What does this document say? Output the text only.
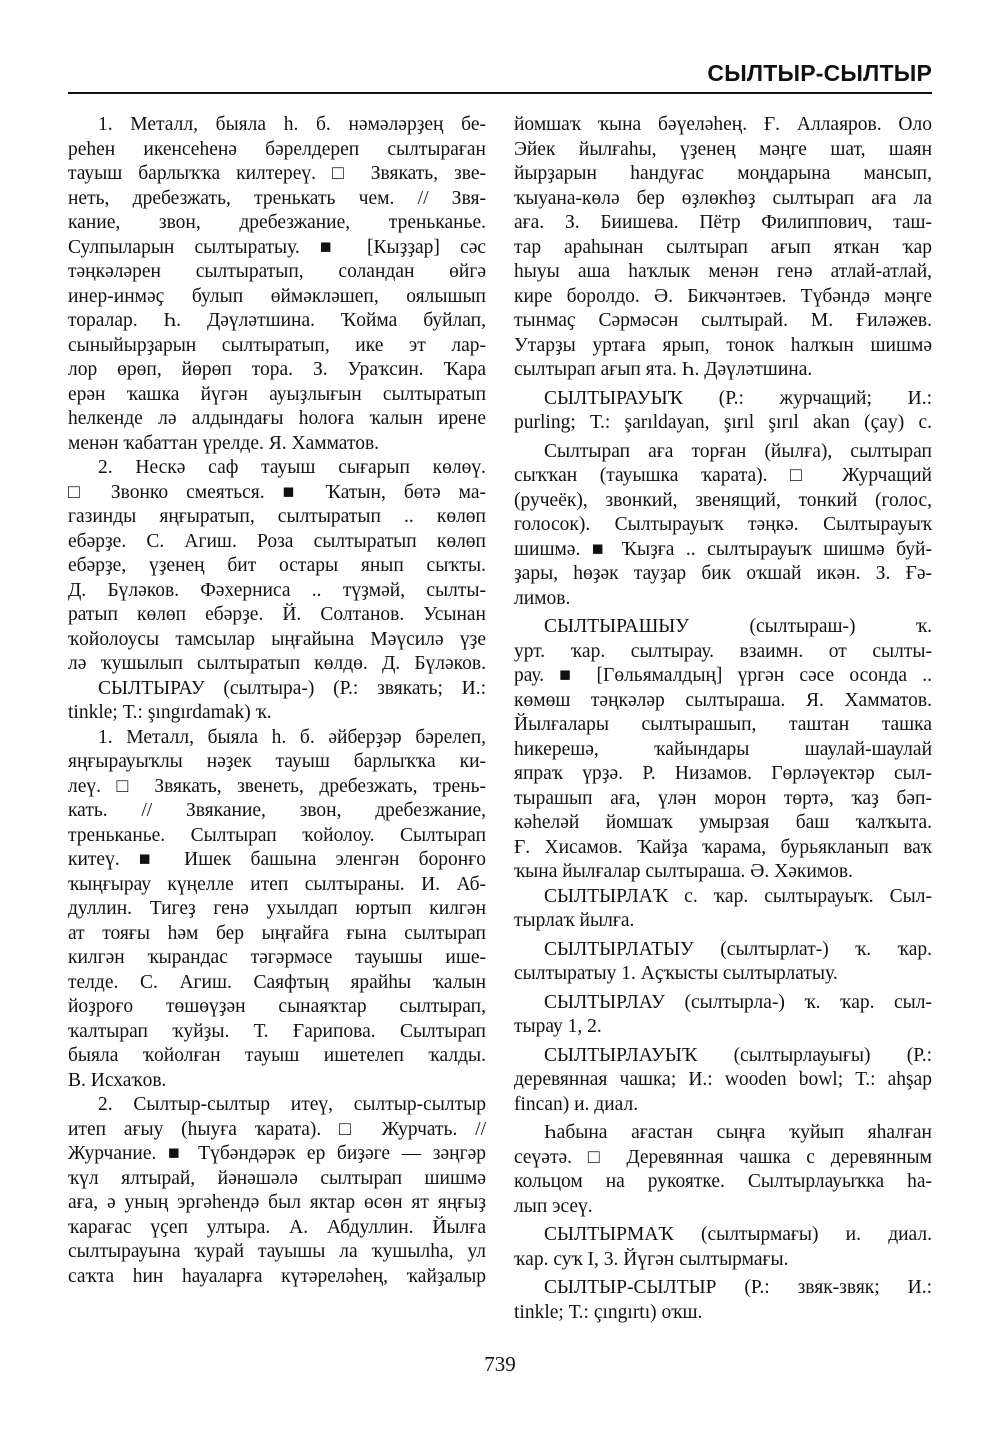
СЫЛТЫР-СЫЛТЫР
1. Металл, быяла һ. б. нәмәләрҙең бе-
рeһeн икенсеһенә бәрелдереп сылтыраған
тауыш барлыҡҡа килтереү. □ Звякать, зве-
неть, дребезжать, тренькать чем. // Звя-
кание, звон, дребезжание, треньканье.
Сулпыларын сылтыратыу. ■ [Кыҙҙар] сәс
тәңкәләрен сылтыратып, соландан өйгә
инер-инмәҫ булып өймәкләшеп, оялышып
торалар. Һ. Дәүләтшина. Ҡойма буйлап,
сыныйырҙарын сылтыратып, ике эт лар-
лор өрөп, йөрөп тора. З. Ураҡсин. Ҡара
ерән ҡашка йүгән ауыҙлығын сылтыратып
һелкенде лә алдындағы һолоға ҡалын ирене
менән ҡабаттан үрелде. Я. Хамматов.
2. Нескә саф тауыш сығарып көлөү.
□ Звонко смеяться. ■ Ҡатын, бөтә ма-
газинды яңғыратып, сылтыратып .. көлөп
ебәрҙе. С. Агиш. Роза сылтыратып көлөп
ебәрҙе, үҙенең бит остары янып сыҡты.
Д. Бүләков. Фәхерниса .. түҙмәй, сылты-
ратып көлөп ебәрҙе. Й. Солтанов. Усынан
ҡойолоусы тамсылар ыңғайына Мәүсилә үҙе
лә ҡушылып сылтыратып көлдө. Д. Бүләков.
СЫЛТЫРАУ (сылтыра-) (Р.: звякать; И.:
tinkle; Т.: şıngırdamak) ҡ.
1. Металл, быяла һ. б. әйберҙәр бәрелеп,
яңғырауыҡлы нәҙек тауыш барлыҡҡа ки-
леү. □ Звякать, звенеть, дребезжать, трень-
кать. // Звякание, звон, дребезжание,
треньканье. Сылтырап ҡойолоу. Сылтырап
китеү. ■ Ишек башына эленгән боронғо
ҡыңғырау күңелле итеп сылтыраны. И. Аб-
дуллин. Тигеҙ генә ухылдап юртып килгән
ат тояғы һәм бер ыңғайға ғына сылтырап
килгән ҡырандас тәгәрмәсе тауышы ише-
телде. С. Агиш. Саяфтың ярайһы ҡалын
йоҙроғо төшөүҙән сынаяҡтар сылтырап,
ҡалтырап ҡуйҙы. Т. Ғарипова. Сылтырап
быяла ҡойолған тауыш ишетелеп ҡалды.
В. Исхаҡов.
2. Сылтыр-сылтыр итеү, сылтыр-сылтыр
итеп ағыу (һыуға ҡарата). □ Журчать. //
Журчание. ■ Түбәндәрәк ер биҙәге — зәңгәр
ҡүл ялтырай, йәнәшәлә сылтырап шишмә
аға, ә уның эргәһендә был яктар өсөн ят яңғыҙ
ҡарағас үҫеп ултыра. А. Абдуллин. Йылға
сылтырауына ҡурай тауышы ла ҡушылһа, ул
саҡта һин һауаларға күтәреләһең, ҡайҙалыр
йомшаҡ ҡына бәүеләһең. Ғ. Аллаяров. Оло
Эйек йылғаһы, үҙенең мәңге шат, шаян
йырҙарын һандуғас моңдарына мансып,
ҡыуана-көлә бер өҙлөкһөҙ сылтырап аға ла
аға. З. Биишева. Пётр Филиппович, таш-
тар араһынан сылтырап ағып яткан ҡар
һыуы аша һаҡлык менән генә атлай-атлай,
кире боролдо. Ә. Бикчәнтәев. Түбәндә мәңге
тынмаҫ Сәрмәсән сылтырай. М. Ғиләжев.
Утарҙы уртаға ярып, тонок һалҡын шишмә
сылтырап ағып ята. Һ. Дәүләтшина.
СЫЛТЫРАУЫҠ (Р.: журчащий; И.:
purling; Т.: şarıldayan, şırıl şırıl akan (çay) с.
Сылтырап аға торған (йылға), сылтырап
сыҡҡан (тауышка ҡарата). □ Журчащий
(ручеёк), звонкий, звенящий, тонкий (голос,
голосок). Сылтырауыҡ тәңкә. Сылтырауыҡ
шишмә. ■ Ҡыҙға .. сылтырауыҡ шишмә буй-
ҙары, һөҙәк тауҙар бик оҡшай икән. З. Ғә-
лимов.
СЫЛТЫРАШЫУ (сылтыраш-) ҡ.
урт. ҡар. сылтырау. взаимн. от сылты-
рау. ■ [Гөльямалдың] үргән сәсе осонда ..
көмөш тәңкәләр сылтыраша. Я. Хамматов.
Йылғалары сылтырашып, таштан ташка
һикерешә, ҡайындары шаулай-шаулай
япраҡ үрҙә. Р. Низамов. Гөрләүектәр сыл-
тырашып аға, үлән морон төртә, ҡаҙ бәп-
кәһеләй йомшаҡ умырзая баш ҡалҡыта.
Ғ. Хисамов. Ҡайҙа ҡарама, бурьякланып ваҡ
ҡына йылғалар сылтыраша. Ә. Хәкимов.
СЫЛТЫРЛАҠ с. ҡар. сылтырауыҡ. Сыл-
тырлаҡ йылға.
СЫЛТЫРЛАТЫУ (сылтырлат-) ҡ. ҡар.
сылтыратыу 1. Аҫҡысты сылтырлатыу.
СЫЛТЫРЛАУ (сылтырла-) ҡ. ҡар. сыл-
тырау 1, 2.
СЫЛТЫРЛАУЫҠ (сылтырлауығы) (Р.:
деревянная чашка; И.: wooden bowl; Т.: ahşap
fincan) и. диал.
Һабына ағастан сыңға ҡуйып яһалған
сеүәтә. □ Деревянная чашка с деревянным
кольцом на рукоятке. Сылтырлауыҡка һа-
лып эсеү.
СЫЛТЫРМАҠ (сылтырмағы) и. диал.
ҡар. суҡ I, 3. Йүгән сылтырмағы.
СЫЛТЫР-СЫЛТЫР (Р.: звяк-звяк; И.:
tinkle; Т.: çıngırtı) оҡш.
739
